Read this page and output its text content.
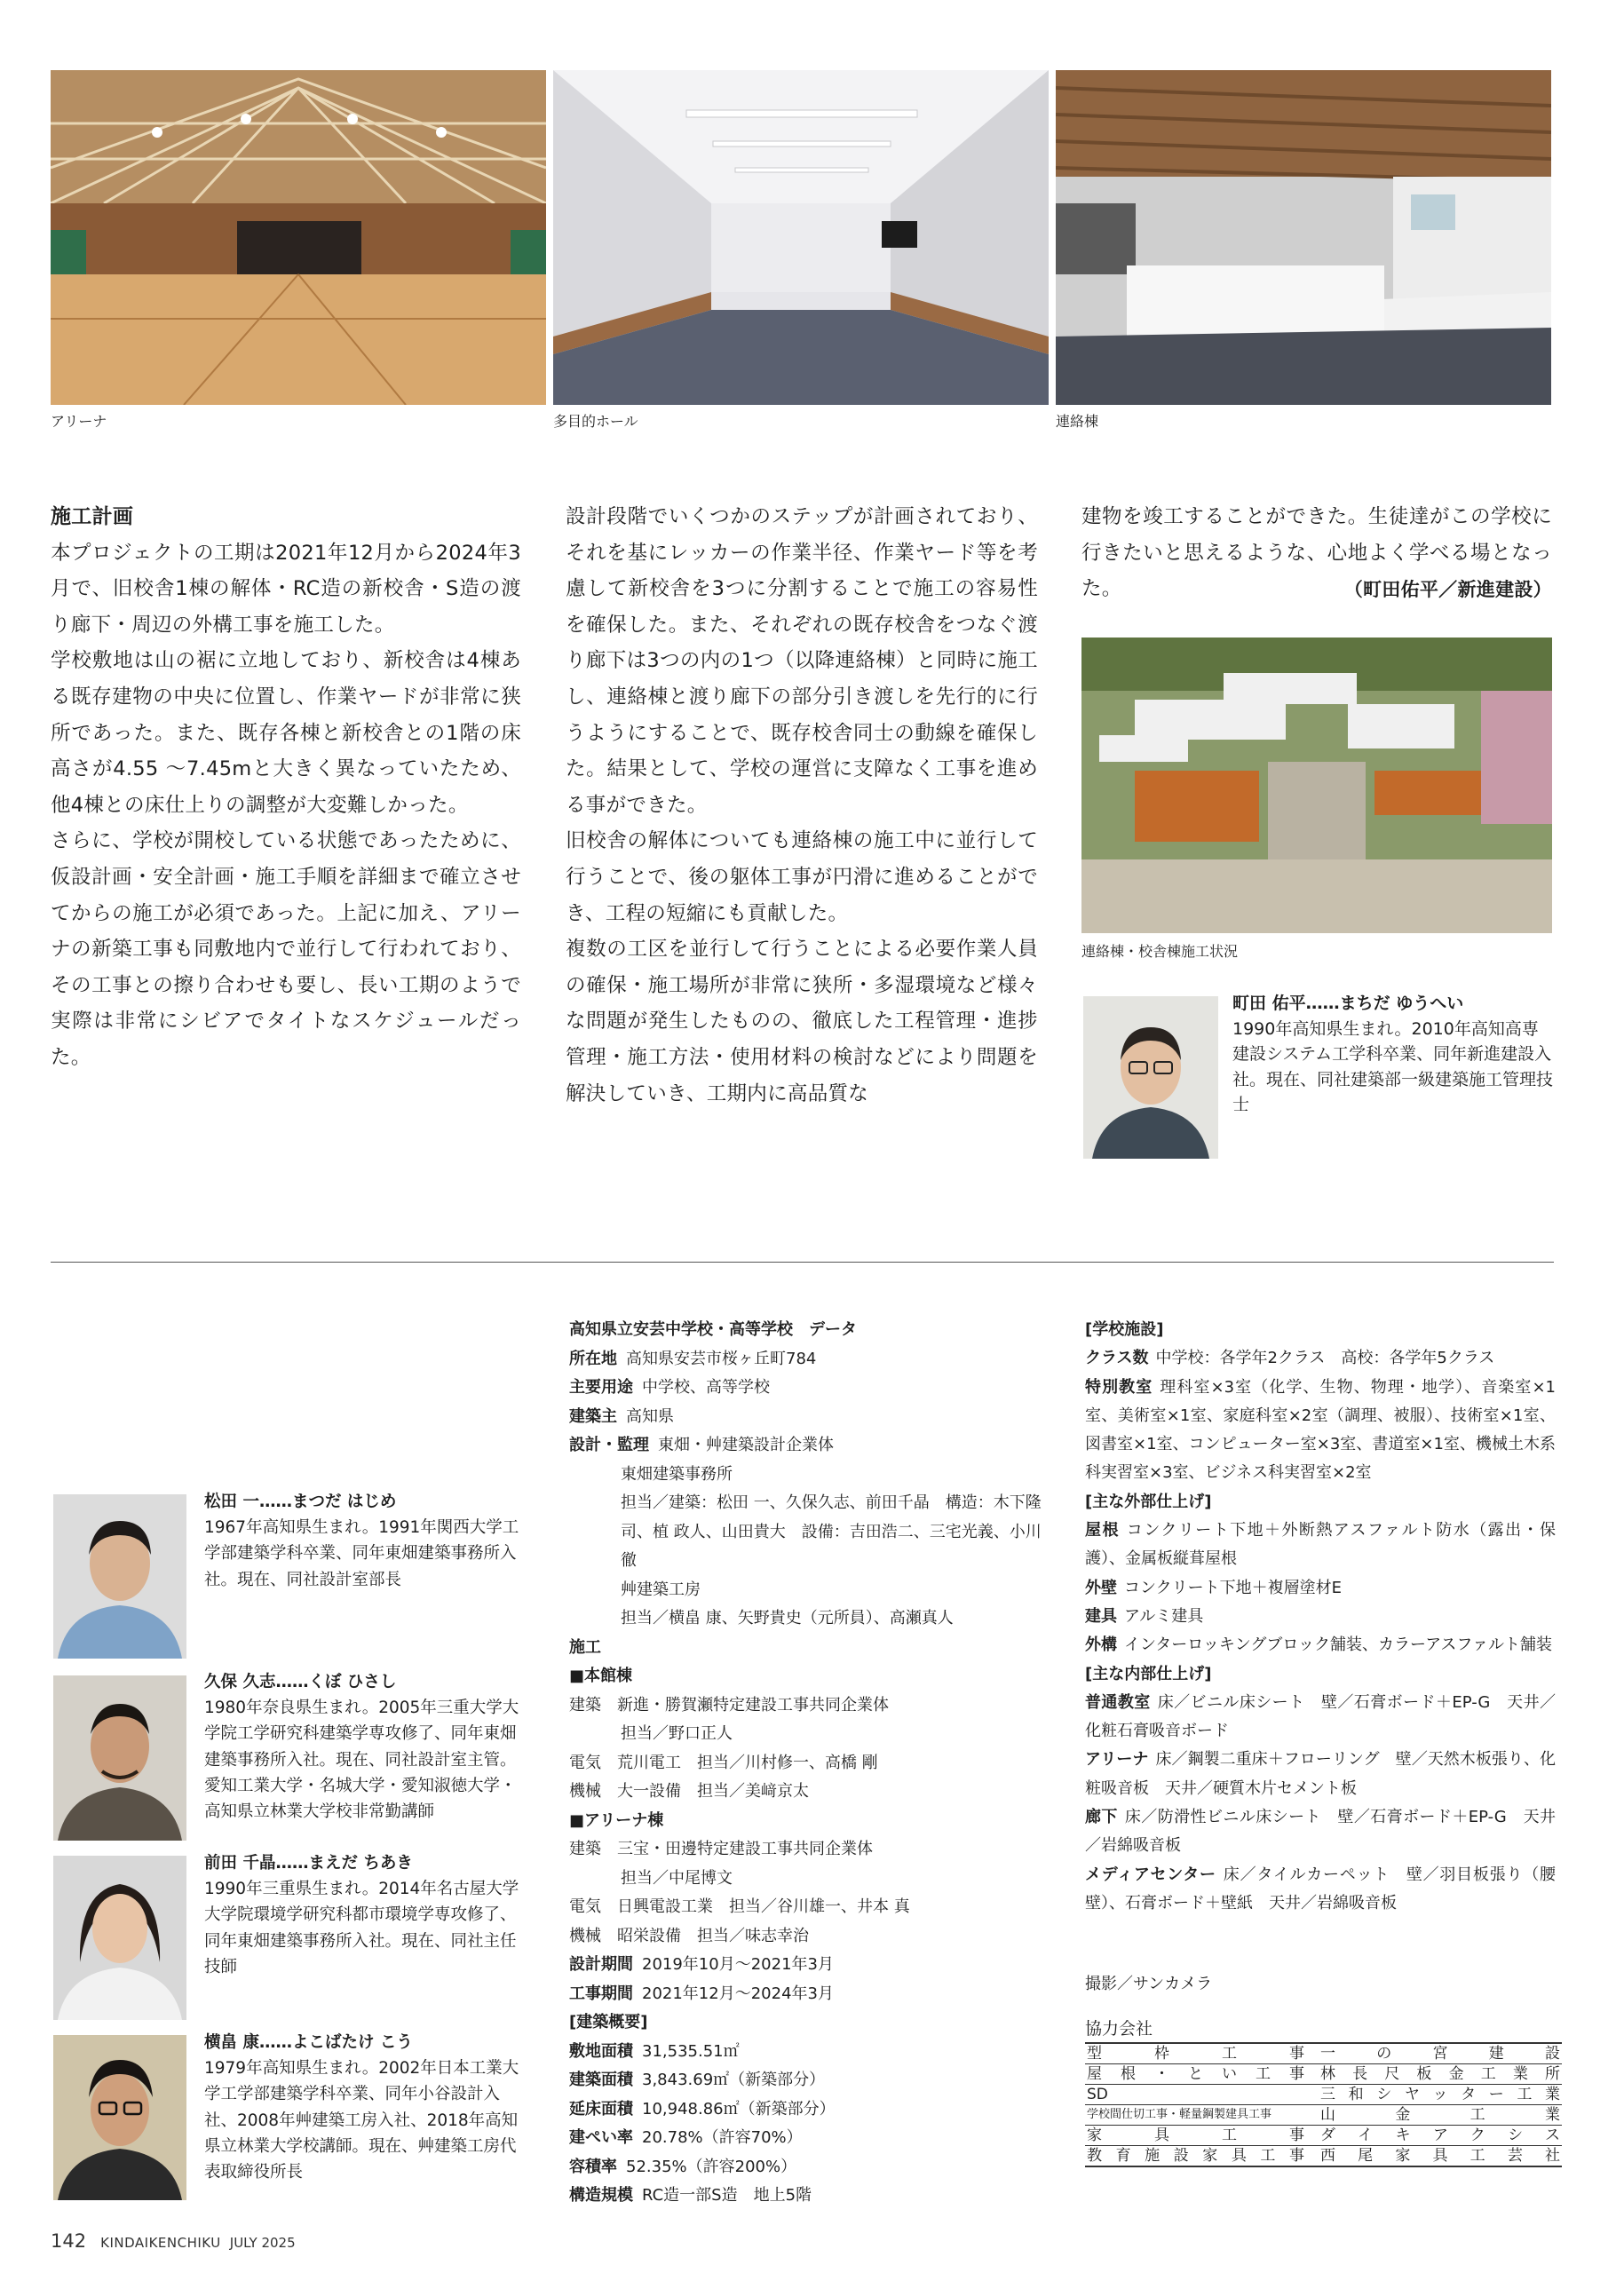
アリーナ	多目的ホール	連絡棟
施工計画

本プロジェクトの工期は2021年12月から2024年3月で、旧校舎1棟の解体・RC造の新校舎・S造の渡り廊下・周辺の外構工事を施工した。

学校敷地は山の裾に立地しており、新校舎は4棟ある既存建物の中央に位置し、作業ヤードが非常に狭所であった。また、既存各棟と新校舎との1階の床高さが4.55 ～7.45mと大きく異なっていたため、他4棟との床仕上りの調整が大変難しかった。

さらに、学校が開校している状態であったために、仮設計画・安全計画・施工手順を詳細まで確立させてからの施工が必須であった。上記に加え、アリーナの新築工事も同敷地内で並行して行われており、その工事との擦り合わせも要し、長い工期のようで実際は非常にシビアでタイトなスケジュールだった。

設計段階でいくつかのステップが計画されており、それを基にレッカーの作業半径、作業ヤード等を考慮して新校舎を3つに分割することで施工の容易性を確保した。また、それぞれの既存校舎をつなぐ渡り廊下は3つの内の1つ（以降連絡棟）と同時に施工し、連絡棟と渡り廊下の部分引き渡しを先行的に行うようにすることで、既存校舎同士の動線を確保した。結果として、学校の運営に支障なく工事を進める事ができた。

旧校舎の解体についても連絡棟の施工中に並行して行うことで、後の躯体工事が円滑に進めることができ、工程の短縮にも貢献した。

複数の工区を並行して行うことによる必要作業人員の確保・施工場所が非常に狭所・多湿環境など様々な問題が発生したものの、徹底した工程管理・進捗管理・施工方法・使用材料の検討などにより問題を解決していき、工期内に高品質な

建物を竣工することができた。生徒達がこの学校に行きたいと思えるような、心地よく学べる場となった。	（町田佑平／新進建設）
連絡棟・校舎棟施工状況

町田 佑平……まちだ ゆうへい

1990年高知県生まれ。2010年高知高専建設システム工学科卒業、同年新進建設入社。現在、同社建築部一級建築施工管理技士

松田 一……まつだ はじめ

1967年高知県生まれ。1991年関西大学工学部建築学科卒業、同年東畑建築事務所入社。現在、同社設計室部長

久保 久志……くぼ ひさし

1980年奈良県生まれ。2005年三重大学大学院工学研究科建築学専攻修了、同年東畑建築事務所入社。現在、同社設計室主管。愛知工業大学・名城大学・愛知淑徳大学・高知県立林業大学校非常勤講師

前田 千晶……まえだ ちあき

1990年三重県生まれ。2014年名古屋大学大学院環境学研究科都市環境学専攻修了、同年東畑建築事務所入社。現在、同社主任技師

横畠 康……よこばたけ こう

1979年高知県生まれ。2002年日本工業大学工学部建築学科卒業、同年小谷設計入社、2008年艸建築工房入社、2018年高知県立林業大学校講師。現在、艸建築工房代表取締役所長

高知県立安芸中学校・高等学校　データ
所在地 高知県安芸市桜ヶ丘町784
主要用途 中学校、高等学校
建築主 高知県
設計・監理 東畑・艸建築設計企業体
東畑建築事務所
担当／建築：松田 一、久保久志、前田千晶　構造：木下隆司、植 政人、山田貴大　設備：吉田浩二、三宅光義、小川 徹
艸建築工房
担当／横畠 康、矢野貴史（元所員）、高瀬真人
施工
■本館棟
建築　新進・勝賀瀬特定建設工事共同企業体
担当／野口正人
電気　荒川電工　担当／川村修一、高橋 剛
機械　大一設備　担当／美﨑京太
■アリーナ棟
建築　三宝・田邊特定建設工事共同企業体
担当／中尾博文
電気　日興電設工業　担当／谷川雄一、井本 真
機械　昭栄設備　担当／味志幸治
設計期間 2019年10月～2021年3月
工事期間 2021年12月～2024年3月
[建築概要]
敷地面積 31,535.51㎡
建築面積 3,843.69㎡（新築部分）
延床面積 10,948.86㎡（新築部分）
建ぺい率 20.78%（許容70%）
容積率 52.35%（許容200%）
構造規模 RC造一部S造　地上5階

[学校施設]

クラス数 中学校：各学年2クラス　高校：各学年5クラス

特別教室 理科室×3室（化学、生物、物理・地学）、音楽室×1室、美術室×1室、家庭科室×2室（調理、被服）、技術室×1室、図書室×1室、コンピューター室×3室、書道室×1室、機械土木系科実習室×3室、ビジネス科実習室×2室

[主な外部仕上げ]

屋根 コンクリート下地＋外断熱アスファルト防水（露出・保護）、金属板縦葺屋根

外壁 コンクリート下地＋複層塗材E

建具 アルミ建具

外構 インターロッキングブロック舗装、カラーアスファルト舗装

[主な内部仕上げ]

普通教室 床／ビニル床シート　壁／石膏ボード＋EP-G　天井／化粧石膏吸音ボード

アリーナ 床／鋼製二重床＋フローリング　壁／天然木板張り、化粧吸音板　天井／硬質木片セメント板

廊下 床／防滑性ビニル床シート　壁／石膏ボード＋EP-G　天井／岩綿吸音板

メディアセンター 床／タイルカーペット　壁／羽目板張り（腰壁）、石膏ボード＋壁紙　天井／岩綿吸音板

撮影／サンカメラ
協力会社
型枠工事	一の宮建設
屋根・とい工事	林長尺板金工業所
SD	三和シヤッター工業
学校間仕切工事・軽量鋼製建具工事	山金工業
家具工事	ダイキアクシス
教育施設家具工事	西尾家具工芸社
142 KINDAIKENCHIKU JULY 2025
